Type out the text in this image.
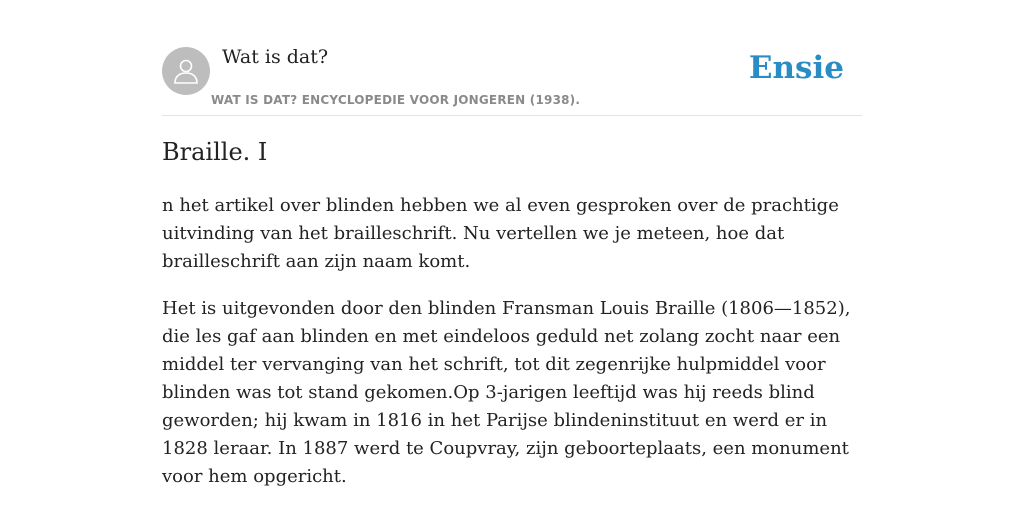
Wat is dat?
WAT IS DAT? ENCYCLOPEDIE VOOR JONGEREN (1938).
Ensie
Braille. I

n het artikel over blinden hebben we al even gesproken over de prachtige uitvinding van het brailleschrift. Nu vertellen we je meteen, hoe dat brailleschrift aan zijn naam komt.

Het is uitgevonden door den blinden Fransman Louis Braille (1806—1852), die les gaf aan blinden en met eindeloos geduld net zolang zocht naar een middel ter vervanging van het schrift, tot dit zegenrijke hulpmiddel voor blinden was tot stand gekomen.Op 3-jarigen leeftijd was hij reeds blind geworden; hij kwam in 1816 in het Parijse blindeninstituut en werd er in 1828 leraar. In 1887 werd te Coupvray, zijn geboorteplaats, een monument voor hem opgericht.
